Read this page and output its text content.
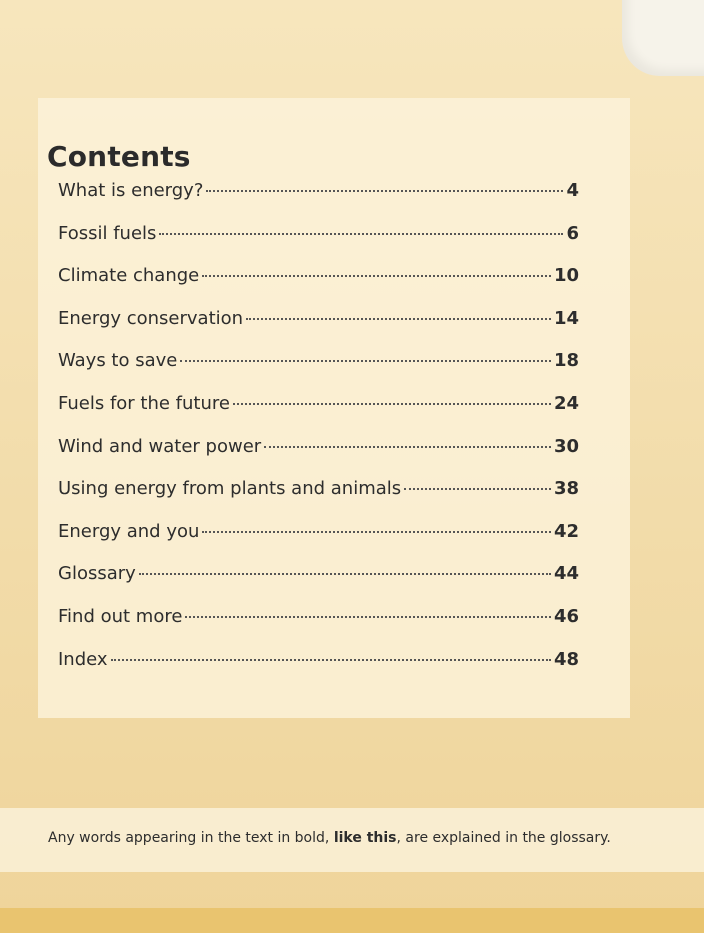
Contents
What is energy?	4
Fossil fuels	6
Climate change	10
Energy conservation	14
Ways to save	18
Fuels for the future	24
Wind and water power	30
Using energy from plants and animals	38
Energy and you	42
Glossary	44
Find out more	46
Index	48

Any words appearing in the text in bold, like this, are explained in the glossary.
